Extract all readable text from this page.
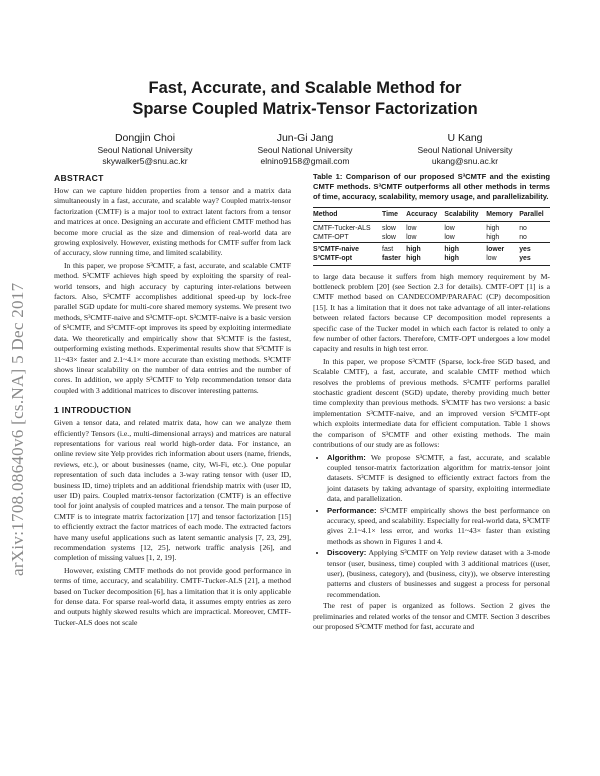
arXiv:1708.08640v6 [cs.NA] 5 Dec 2017
Fast, Accurate, and Scalable Method for
Sparse Coupled Matrix-Tensor Factorization
Dongjin Choi
Seoul National University
skywalker5@snu.ac.kr
Jun-Gi Jang
Seoul National University
elnino9158@gmail.com
U Kang
Seoul National University
ukang@snu.ac.kr
ABSTRACT

How can we capture hidden properties from a tensor and a matrix data simultaneously in a fast, accurate, and scalable way? Coupled matrix-tensor factorization (CMTF) is a major tool to extract latent factors from a tensor and matrices at once. Designing an accurate and efficient CMTF method has become more crucial as the size and dimension of real-world data are growing explosively. However, existing methods for CMTF suffer from lack of accuracy, slow running time, and limited scalability.

In this paper, we propose S³CMTF, a fast, accurate, and scalable CMTF method. S³CMTF achieves high speed by exploiting the sparsity of real-world tensors, and high accuracy by capturing inter-relations between factors. Also, S³CMTF accomplishes additional speed-up by lock-free parallel SGD update for multi-core shared memory systems. We present two methods, S³CMTF-naive and S³CMTF-opt. S³CMTF-naive is a basic version of S³CMTF, and S³CMTF-opt improves its speed by exploiting intermediate data. We theoretically and empirically show that S³CMTF is the fastest, outperforming existing methods. Experimental results show that S³CMTF is 11~43× faster and 2.1~4.1× more accurate than existing methods. S³CMTF shows linear scalability on the number of data entries and the number of cores. In addition, we apply S³CMTF to Yelp recommendation tensor data coupled with 3 additional matrices to discover interesting patterns.

1 INTRODUCTION

Given a tensor data, and related matrix data, how can we analyze them efficiently? Tensors (i.e., multi-dimensional arrays) and matrices are natural representations for various real world high-order data. For instance, an online review site Yelp provides rich information about users (name, friends, reviews, etc.), or about businesses (name, city, Wi-Fi, etc.). One popular representation of such data includes a 3-way rating tensor with (user ID, business ID, time) triplets and an additional friendship matrix with (user ID, user ID) pairs. Coupled matrix-tensor factorization (CMTF) is an effective tool for joint analysis of coupled matrices and a tensor. The main purpose of CMTF is to integrate matrix factorization [17] and tensor factorization [15] to efficiently extract the factor matrices of each mode. The extracted factors have many useful applications such as latent semantic analysis [7, 23, 29], recommendation systems [12, 25], network traffic analysis [26], and completion of missing values [1, 2, 19].

However, existing CMTF methods do not provide good performance in terms of time, accuracy, and scalability. CMTF-Tucker-ALS [21], a method based on Tucker decomposition [6], has a limitation that it is only applicable for dense data. For sparse real-world data, it assumes empty entries as zero and outputs highly skewed results which are impractical. Moreover, CMTF-Tucker-ALS does not scale

Table 1: Comparison of our proposed S³CMTF and the existing CMTF methods. S³CMTF outperforms all other methods in terms of time, accuracy, scalability, memory usage, and parallelizability.
Method	Time	Accuracy	Scalability	Memory	Parallel
CMTF-Tucker-ALS	slow	low	low	high	no
CMTF-OPT	slow	low	low	high	no
S³CMTF-naive	fast	high	high	lower	yes
S³CMTF-opt	faster	high	high	low	yes

to large data because it suffers from high memory requirement by M-bottleneck problem [20] (see Section 2.3 for details). CMTF-OPT [1] is a CMTF method based on CANDECOMP/PARAFAC (CP) decomposition [15]. It has a limitation that it does not take advantage of all inter-relations between related factors because CP decomposition model represents a specific case of the Tucker model in which each factor is related to only a few number of other factors. Therefore, CMTF-OPT undergoes a low model capacity and results in high test error.

In this paper, we propose S³CMTF (Sparse, lock-free SGD based, and Scalable CMTF), a fast, accurate, and scalable CMTF method which resolves the problems of previous methods. S³CMTF performs parallel stochastic gradient descent (SGD) update, thereby providing much better time complexity than previous methods. S³CMTF has two versions: a basic implementation S³CMTF-naive, and an improved version S³CMTF-opt which exploits intermediate data for efficient computation. Table 1 shows the comparison of S³CMTF and other existing methods. The main contributions of our study are as follows:

• Algorithm: We propose S³CMTF, a fast, accurate, and scalable coupled tensor-matrix factorization algorithm for matrix-tensor joint datasets. S³CMTF is designed to efficiently extract factors from the joint datasets by taking advantage of sparsity, exploiting intermediate data, and parallelization.
• Performance: S³CMTF empirically shows the best performance on accuracy, speed, and scalability. Especially for real-world data, S³CMTF gives 2.1~4.1× less error, and works 11~43× faster than existing methods as shown in Figures 1 and 4.
• Discovery: Applying S³CMTF on Yelp review dataset with a 3-mode tensor (user, business, time) coupled with 3 additional matrices ((user, user), (business, category), and (business, city)), we observe interesting patterns and clusters of businesses and suggest a process for personal recommendation.

The rest of paper is organized as follows. Section 2 gives the preliminaries and related works of the tensor and CMTF. Section 3 describes our proposed S³CMTF method for fast, accurate and
